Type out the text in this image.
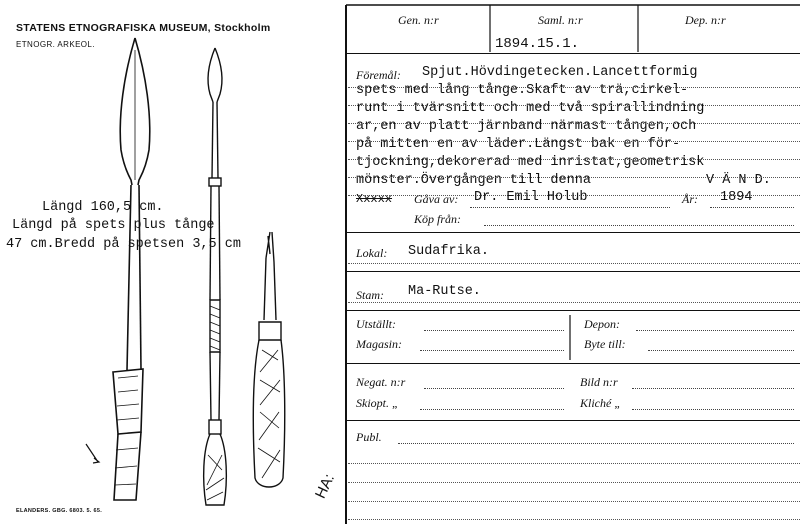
STATENS ETNOGRAFISKA MUSEUM, Stockholm
ETNOGR. ARKEOL.
Längd 160,5 cm.
Längd på spets plus tånge
47 cm.Bredd på spetsen 3,5 cm
ELANDERS. GBG. 6803. 5. 65.
HA:
Gen. n:r	Saml. n:r	Dep. n:r
1894.15.1.
Föremål: Spjut.Hövdingetecken.Lancettformig
spets med lång tånge.Skaft av trä,cirkel-
runt i tvärsnitt och med två spirallindning
ar,en av platt järnband närmast tången,och
på mitten en av läder.Längst bak en för-
tjockning,dekorerad med inristat,geometrisk
mönster.Övergången till denna	V Ä N D.
Xxxxx Gåva av: Dr. Emil Holub	År: 1894
Köp från:
Lokal: Sudafrika.
Stam: Ma-Rutse.
Utställt:	Depon:
Magasin:	Byte till:
Negat. n:r	Bild n:r
Skiopt. „	Kliché „
Publ.
